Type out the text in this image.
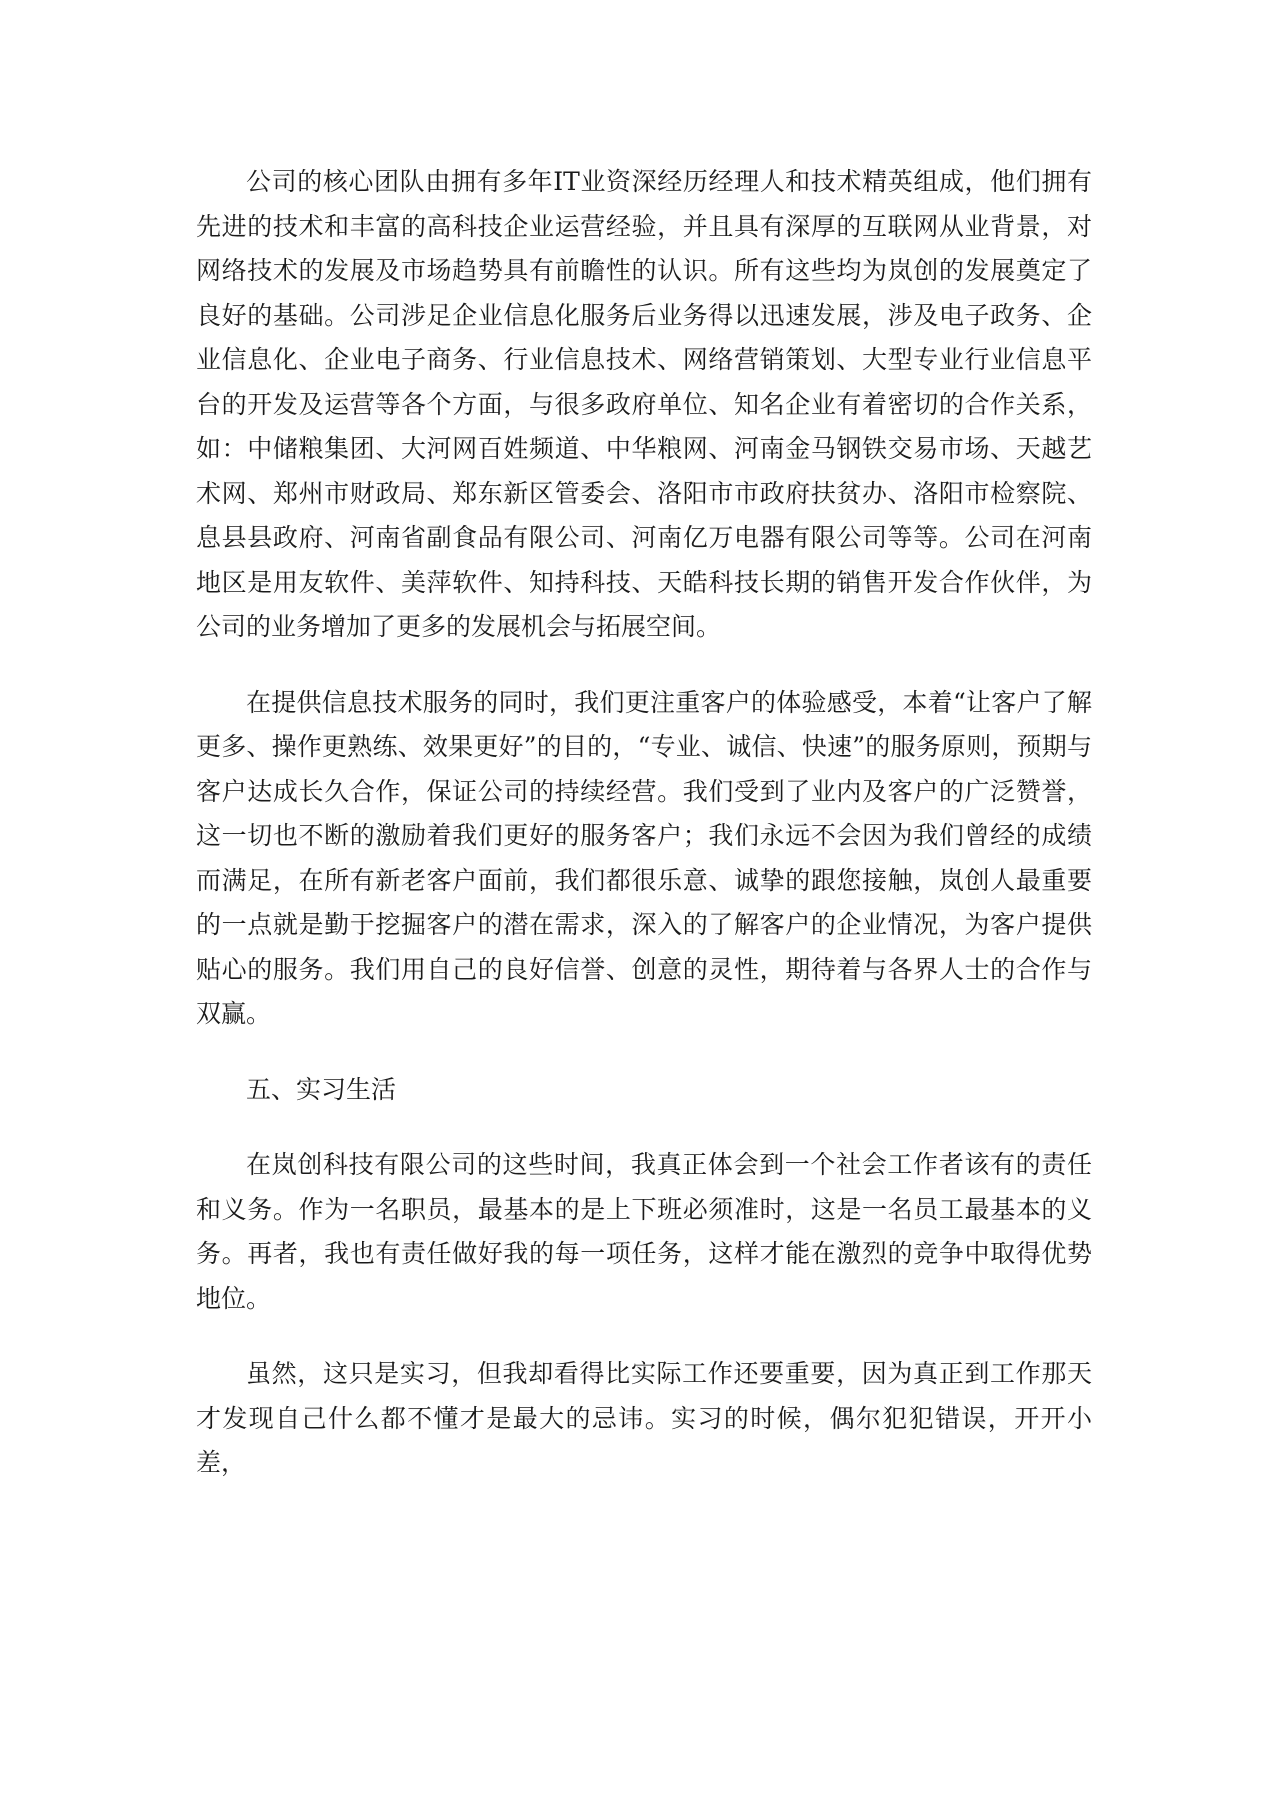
公司的核心团队由拥有多年IT业资深经历经理人和技术精英组成，他们拥有先进的技术和丰富的高科技企业运营经验，并且具有深厚的互联网从业背景，对网络技术的发展及市场趋势具有前瞻性的认识。所有这些均为岚创的发展奠定了良好的基础。公司涉足企业信息化服务后业务得以迅速发展，涉及电子政务、企业信息化、企业电子商务、行业信息技术、网络营销策划、大型专业行业信息平台的开发及运营等各个方面，与很多政府单位、知名企业有着密切的合作关系，如：中储粮集团、大河网百姓频道、中华粮网、河南金马钢铁交易市场、天越艺术网、郑州市财政局、郑东新区管委会、洛阳市市政府扶贫办、洛阳市检察院、息县县政府、河南省副食品有限公司、河南亿万电器有限公司等等。公司在河南地区是用友软件、美萍软件、知持科技、天皓科技长期的销售开发合作伙伴，为公司的业务增加了更多的发展机会与拓展空间。

在提供信息技术服务的同时，我们更注重客户的体验感受，本着“让客户了解更多、操作更熟练、效果更好”的目的，“专业、诚信、快速”的服务原则，预期与客户达成长久合作，保证公司的持续经营。我们受到了业内及客户的广泛赞誉，这一切也不断的激励着我们更好的服务客户；我们永远不会因为我们曾经的成绩而满足，在所有新老客户面前，我们都很乐意、诚挚的跟您接触，岚创人最重要的一点就是勤于挖掘客户的潜在需求，深入的了解客户的企业情况，为客户提供贴心的服务。我们用自己的良好信誉、创意的灵性，期待着与各界人士的合作与双赢。

五、实习生活

在岚创科技有限公司的这些时间，我真正体会到一个社会工作者该有的责任和义务。作为一名职员，最基本的是上下班必须准时，这是一名员工最基本的义务。再者，我也有责任做好我的每一项任务，这样才能在激烈的竞争中取得优势地位。

虽然，这只是实习，但我却看得比实际工作还要重要，因为真正到工作那天才发现自己什么都不懂才是最大的忌讳。实习的时候，偶尔犯犯错误，开开小差，
